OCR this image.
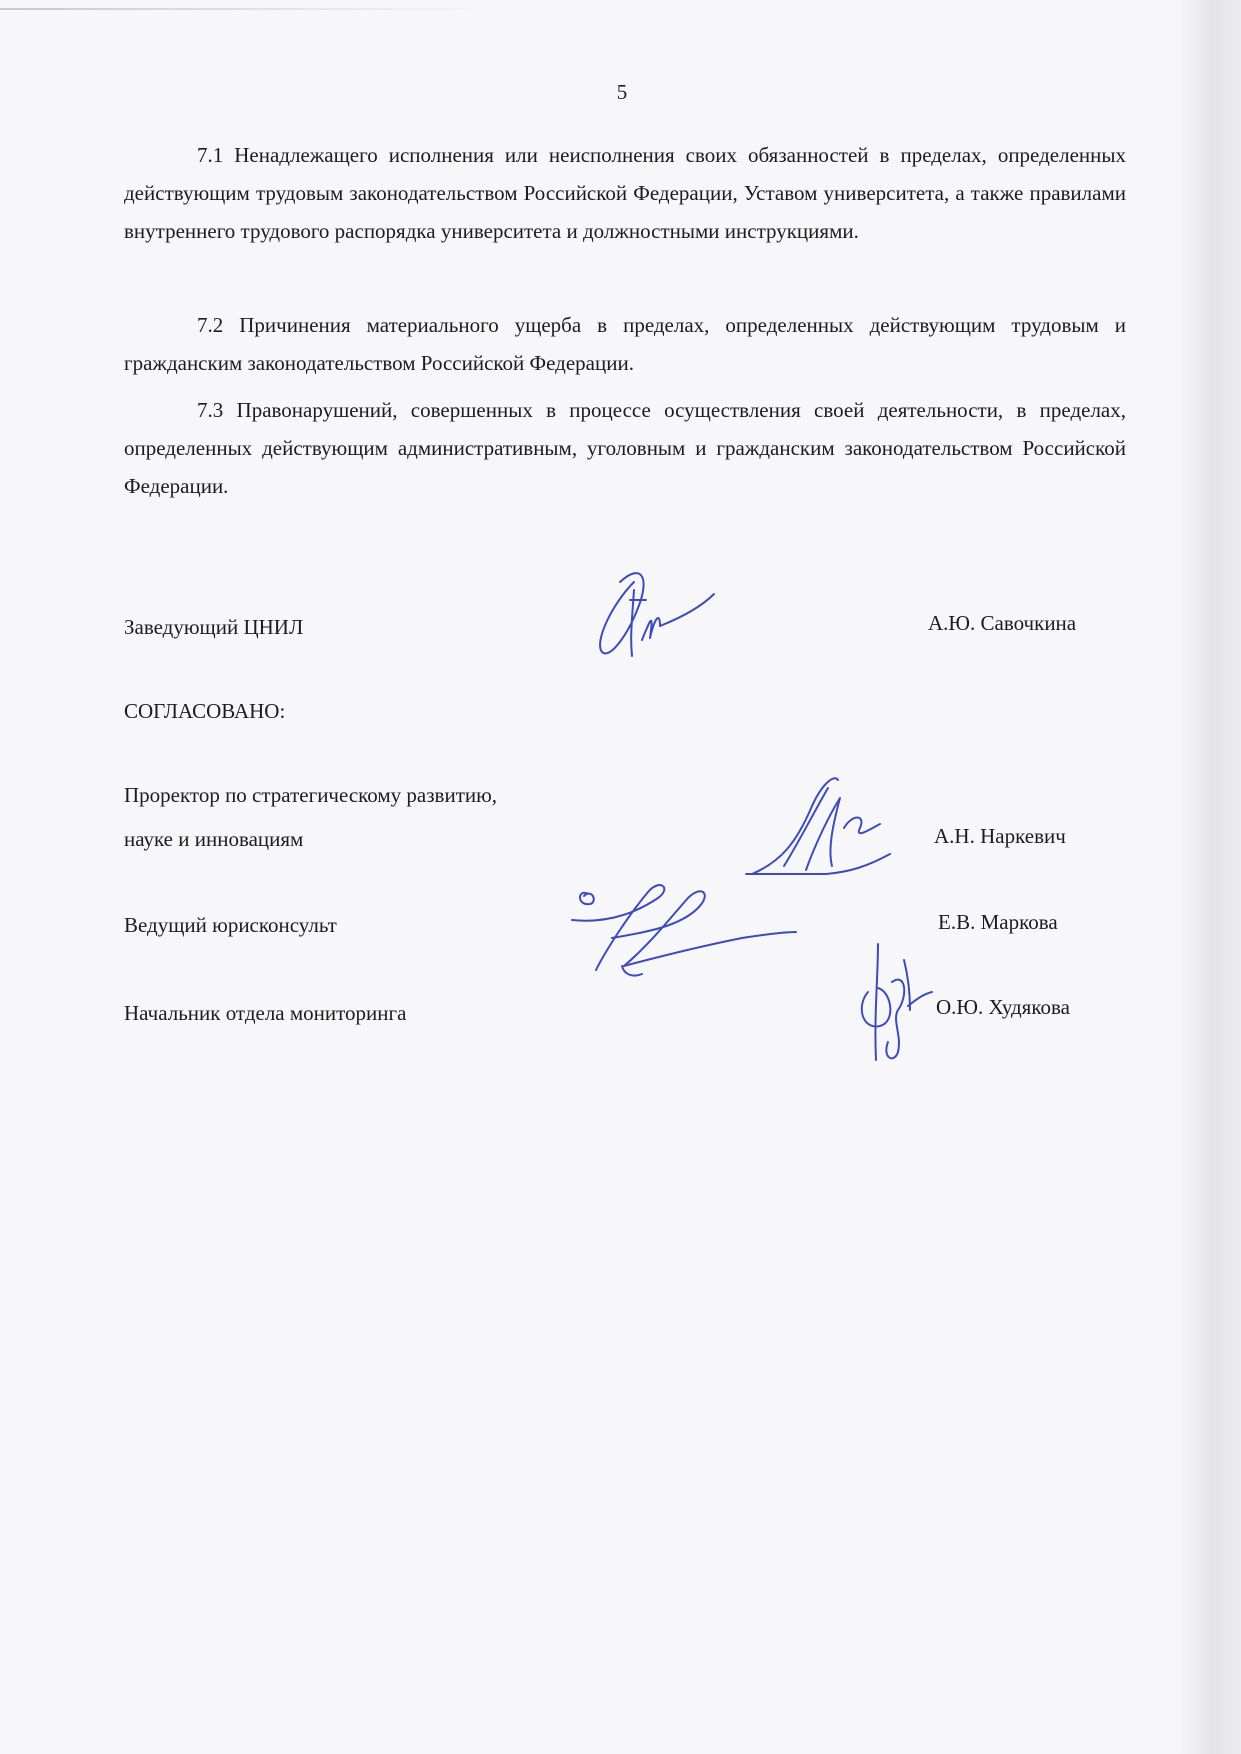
5

7.1 Ненадлежащего исполнения или неисполнения своих обязанностей в пределах, определенных действующим трудовым законодательством Российской Федерации, Уставом университета, а также правилами внутреннего трудового распорядка университета и должностными инструкциями.

7.2 Причинения материального ущерба в пределах, определенных действующим трудовым и гражданским законодательством Российской Федерации.

7.3 Правонарушений, совершенных в процессе осуществления своей деятельности, в пределах, определенных действующим административным, уголовным и гражданским законодательством Российской Федерации.

Заведующий ЦНИЛ	А.Ю. Савочкина
СОГЛАСОВАНО:
Проректор по стратегическому развитию,
науке и инновациям	А.Н. Наркевич
Ведущий юрисконсульт	Е.В. Маркова
Начальник отдела мониторинга	О.Ю. Худякова
